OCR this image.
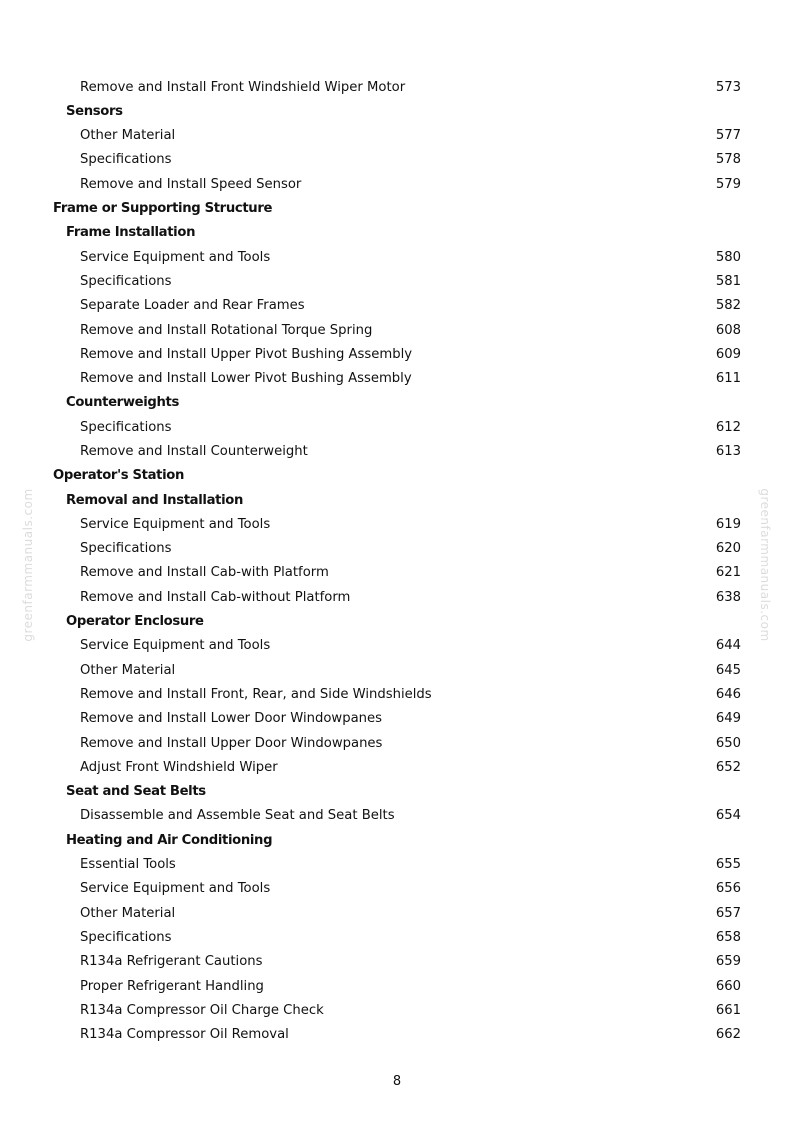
Remove and Install Front Windshield Wiper Motor	573
Sensors
Other Material	577
Specifications	578
Remove and Install Speed Sensor	579
Frame or Supporting Structure
Frame Installation
Service Equipment and Tools	580
Specifications	581
Separate Loader and Rear Frames	582
Remove and Install Rotational Torque Spring	608
Remove and Install Upper Pivot Bushing Assembly	609
Remove and Install Lower Pivot Bushing Assembly	611
Counterweights
Specifications	612
Remove and Install Counterweight	613
Operator's Station
Removal and Installation
Service Equipment and Tools	619
Specifications	620
Remove and Install Cab-with Platform	621
Remove and Install Cab-without Platform	638
Operator Enclosure
Service Equipment and Tools	644
Other Material	645
Remove and Install Front, Rear, and Side Windshields	646
Remove and Install Lower Door Windowpanes	649
Remove and Install Upper Door Windowpanes	650
Adjust Front Windshield Wiper	652
Seat and Seat Belts
Disassemble and Assemble Seat and Seat Belts	654
Heating and Air Conditioning
Essential Tools	655
Service Equipment and Tools	656
Other Material	657
Specifications	658
R134a Refrigerant Cautions	659
Proper Refrigerant Handling	660
R134a Compressor Oil Charge Check	661
R134a Compressor Oil Removal	662
8
greenfarmmanuals.com	greenfarmmanuals.com
